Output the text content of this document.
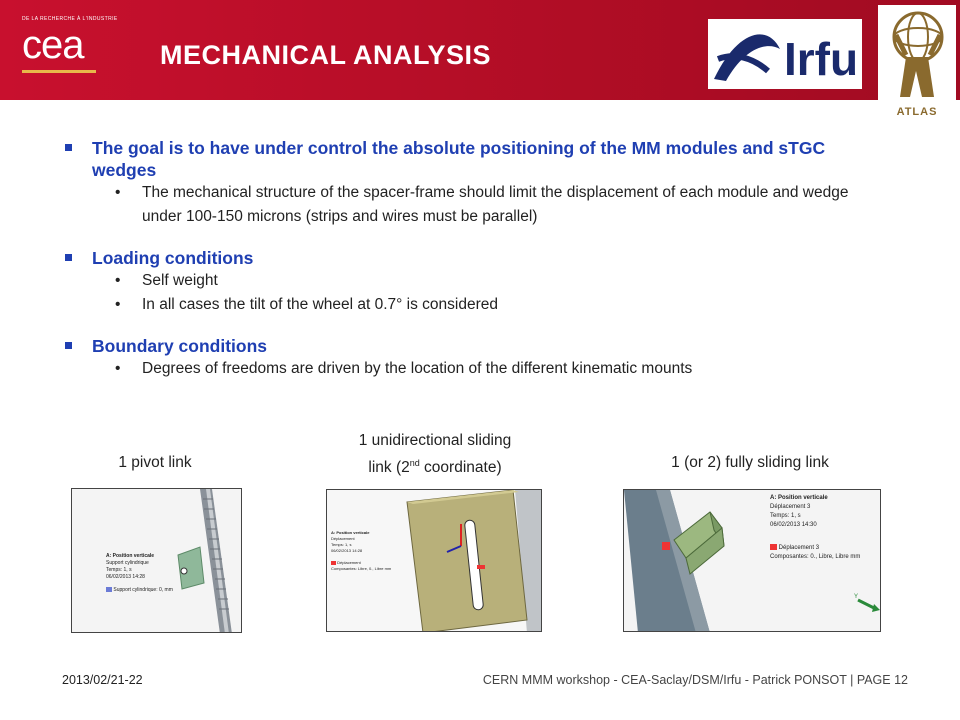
DE LA RECHERCHE À L'INDUSTRIE
cea	MECHANICAL ANALYSIS	Irfu
ATLAS
The goal is to have under control the absolute positioning of the MM modules and sTGC wedges
• The mechanical structure of the spacer-frame should limit the displacement of each module and wedge under 100-150 microns (strips and wires must be parallel)
Loading conditions
• Self weight
• In all cases the tilt of the wheel at 0.7° is considered
Boundary conditions
• Degrees of freedoms are driven by the location of the different kinematic mounts
1 pivot link
1 unidirectional sliding
link (2nd coordinate)	1 (or 2) fully sliding link
A: Position verticale
Support cylindrique
Temps: 1, s
06/02/2013 14:28
Support cylindrique: 0, mm
A: Position verticale
Déplacement
Temps: 1, s
06/02/2013 14:28
Déplacement
Composantes: Libre, 0., Libre mm
Y
A: Position verticale
Déplacement 3
Temps: 1, s
06/02/2013 14:30
Déplacement 3
Composantes: 0., Libre, Libre mm
2013/02/21-22	CERN MMM workshop - CEA-Saclay/DSM/Irfu - Patrick PONSOT | PAGE 12
